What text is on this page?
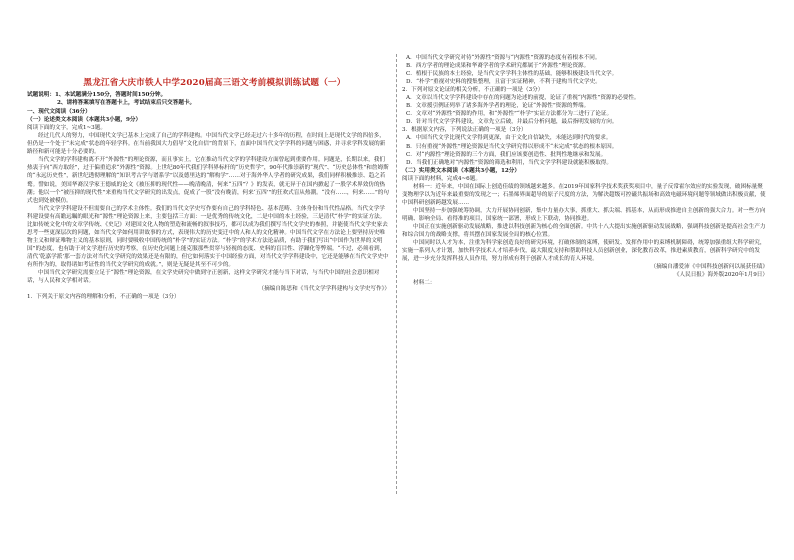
黑龙江省大庆市铁人中学2020届高三语文考前模拟训练试题（一）

试题说明：1、本试题满分150分，答题时间150分钟。

2、请将答案填写在答题卡上，考试结束后只交答题卡。

一、现代文阅读（36分）

（一）论述类文本阅读（本题共3小题，9分）

阅读下面的文字，完成1~3题。

经过几代人的努力，中国现代文学已基本上完成了自己的学科建构。中国当代文学已经走过六十多年的历程，在时间上是现代文学的四倍多，但仍是一个处于“未完成”状态的年轻学科。在当前我国大力倡导“文化自信”的背景下，直面中国当代文学学科的问题与困惑，并寻求学科发展的新路径和新可能是十分必要的。

当代文学的学科建构离不开“外源性”的理论资源，而且事实上，它在推动当代文学的学科建设方面曾起到重要作用。问题是，长期以来，我们热衷于向“西方取经”，过于偏重追求“外源性”资源。上世纪80年代我们学科界标杆的“历史哲学”，90年代推崇新的“现代”、“历史总体性”和詹姆斯的“永远历史性”，新世纪透彻理解的“知识考古学与谱系学”以及德里达的“解构学”……对于海外华人学者的研究成果，我们同样积极推崇、趋之若鹜。譬如说，美国华裔汉学家王德威的论文《被压抑的现代性——晚清晚清，何来“五四”？》的发表，就无异于在国内掀起了一股学术界效仿的热潮；他以一个“被压抑的现代性”来重构当代文学研究的出发点，促成了一股“没有晚清，何来‘五四’”的狂欢式盲从热潮。“没有……，何来……”的句式也到处被模仿。

当代文学学科建设不但需要自己的学术主体性。我们的当代文学史写作要有自己的学科特色、基本范畴、主体身份和当代性品格。当代文学学科建设要有高瞻远瞩的眼光和“源性”理论资源上来，主要包括三方面：一是优秀的传统文化，二是中国的本土经验，三是清代“朴学”的实证方法。比如传统文化中的文章学传统、《史记》对建国文化人物的塑造和流畅的叙事技巧，都可以成为我们撰写当代文学史的参照，并能使当代文学史家去思考一些更深层次的问题，如当代文学如何用讲故事的方式，表现伟大的历史变迁中的人和人的文化精神。中国当代文学在方法论上要坚持历史唯物主义和辩证唯物主义的基本原则，同时要吸收中国传统的“朴学”的实证方法。“朴学”的学术方法论品质，有助于我们写出“中国作为世界的文明国”的态度，也有助于对文学进行历史的考察，在历史化问题上能克服那些贯穿与轻视的态度、史料的盲目性、浮躁化等弊端。“不过，必须看到，清代‘乾嘉学派’那一套方法对当代文学研究的效果还是有限的，但它如何落实于中国经验方面，对当代文学学科建设中，它还是能够在当代文学史中有所作为的，取得诸如考证性的当代文学研究的成就。”，则是无疑是其至不可少的。

中国当代文学研究需要立足于“源性”理论资源，在文学史研究中做到守正创新，这样文学研究才能与当下对话，与当代中国的社会意识相对话，与人民和文学相对话。

（摘编自陈思和《当代文学学科建构与文学史写作》）

1．下列关于原文内容的理解和分析，不正确的一项是（3分）

A．中国当代文学研究对待“外源性”资源与“内源性”资源的态度有着根本不同。

B．西方学者的理论成果和华裔学者的学术研究都属于“外源性”理论资源。

C．植根于民族的本土经验，是当代文学学科主体性的基础，能够积极建设当代文学。

D．“朴学”重视对史料的搜集整理，且富于实证精神，不利于建构当代文学史。

2．下列对原文论证的相关分析，不正确的一项是（3分）

A．文章以当代文学学科建设中存在的问题为论述的前提，论证了重视“内源性”资源的必要性。

B．文章援引例证列举了诸多海外学者的理论，论证“外源性”资源的弊端。

C．文章对“外源性”资源的作用，和“外源性”“朴学”实证方法都分为二进行了论证。

D．针对当代文学学科建设，文章先立后破，并最后分析问题，最后指明发展的方向。

3．根据原文内容，下列说法正确的一项是（3分）

A．中国当代文学比现代文学得到更深，由于文化自信缺失，未能达到时代的要求。

B．只有重视“外源性”理论资源是当代文学研究得以形成不“未完成”状态的根本原因。

C．对“内源性”理论资源的三个方面，我们应该要创造性、批判性地继承和发展。

D．当我们正确地对“内源性”资源的筛选和利用，当代文学学科建设就能积极取得。

（二）实用类文本阅读（本题共3小题，12分）

阅读下面的材料，完成4~6题。

材料一：近年来，中国在国际上创造佳绩的领域越来越多。在2019年国家科学技术奖获奖项目中，量子反常霍尔效应的实验发现，破困标量聚变物理学以为近年来最重要的发现之一；石墨烯界面超导的原子尺度的方法，为解决超级可控磁共振场和高效电磁环境问题等领域做出积极贡献，使中国科研创新跨越发展……

中国坚持一步加强统筹协调，大力开展协同创新，集中力量办大事，抓重大、抓尖端、抓基本，从而形成推进自主创新的强大合力。对一些方向明确、影响全局、看得准的项目，国家统一部署，形成上下联动，协同推进。

中国正在实施创新驱动发展战略，推进以科技创新为核心的全面创新。中共十八大提出实施创新驱动发展战略，强调科技创新是提高社会生产力和综合国力的战略支撑，将其摆在国家发展全局的核心位置。

中国同时以人才为本，注重为科学家创造良好的研究环境，打破体制的束缚，使研发、发挥作用中的束缚机制障碍，统筹加强重组大科学研究，实施一系列人才计划，加快科学技术人才培养步伐，最大限度支持和帮助科技人员创新创业，深化教育改革，推进素质教育，创新科学研究中的发展，进一步充分发挥科技人员作用，努力形成有利于创新人才成长的育人环境。

（摘编自潘爱沛《中国科技创新问以展获佳绩》

《人民日报》海外版2020年1月9日）

材料二：
